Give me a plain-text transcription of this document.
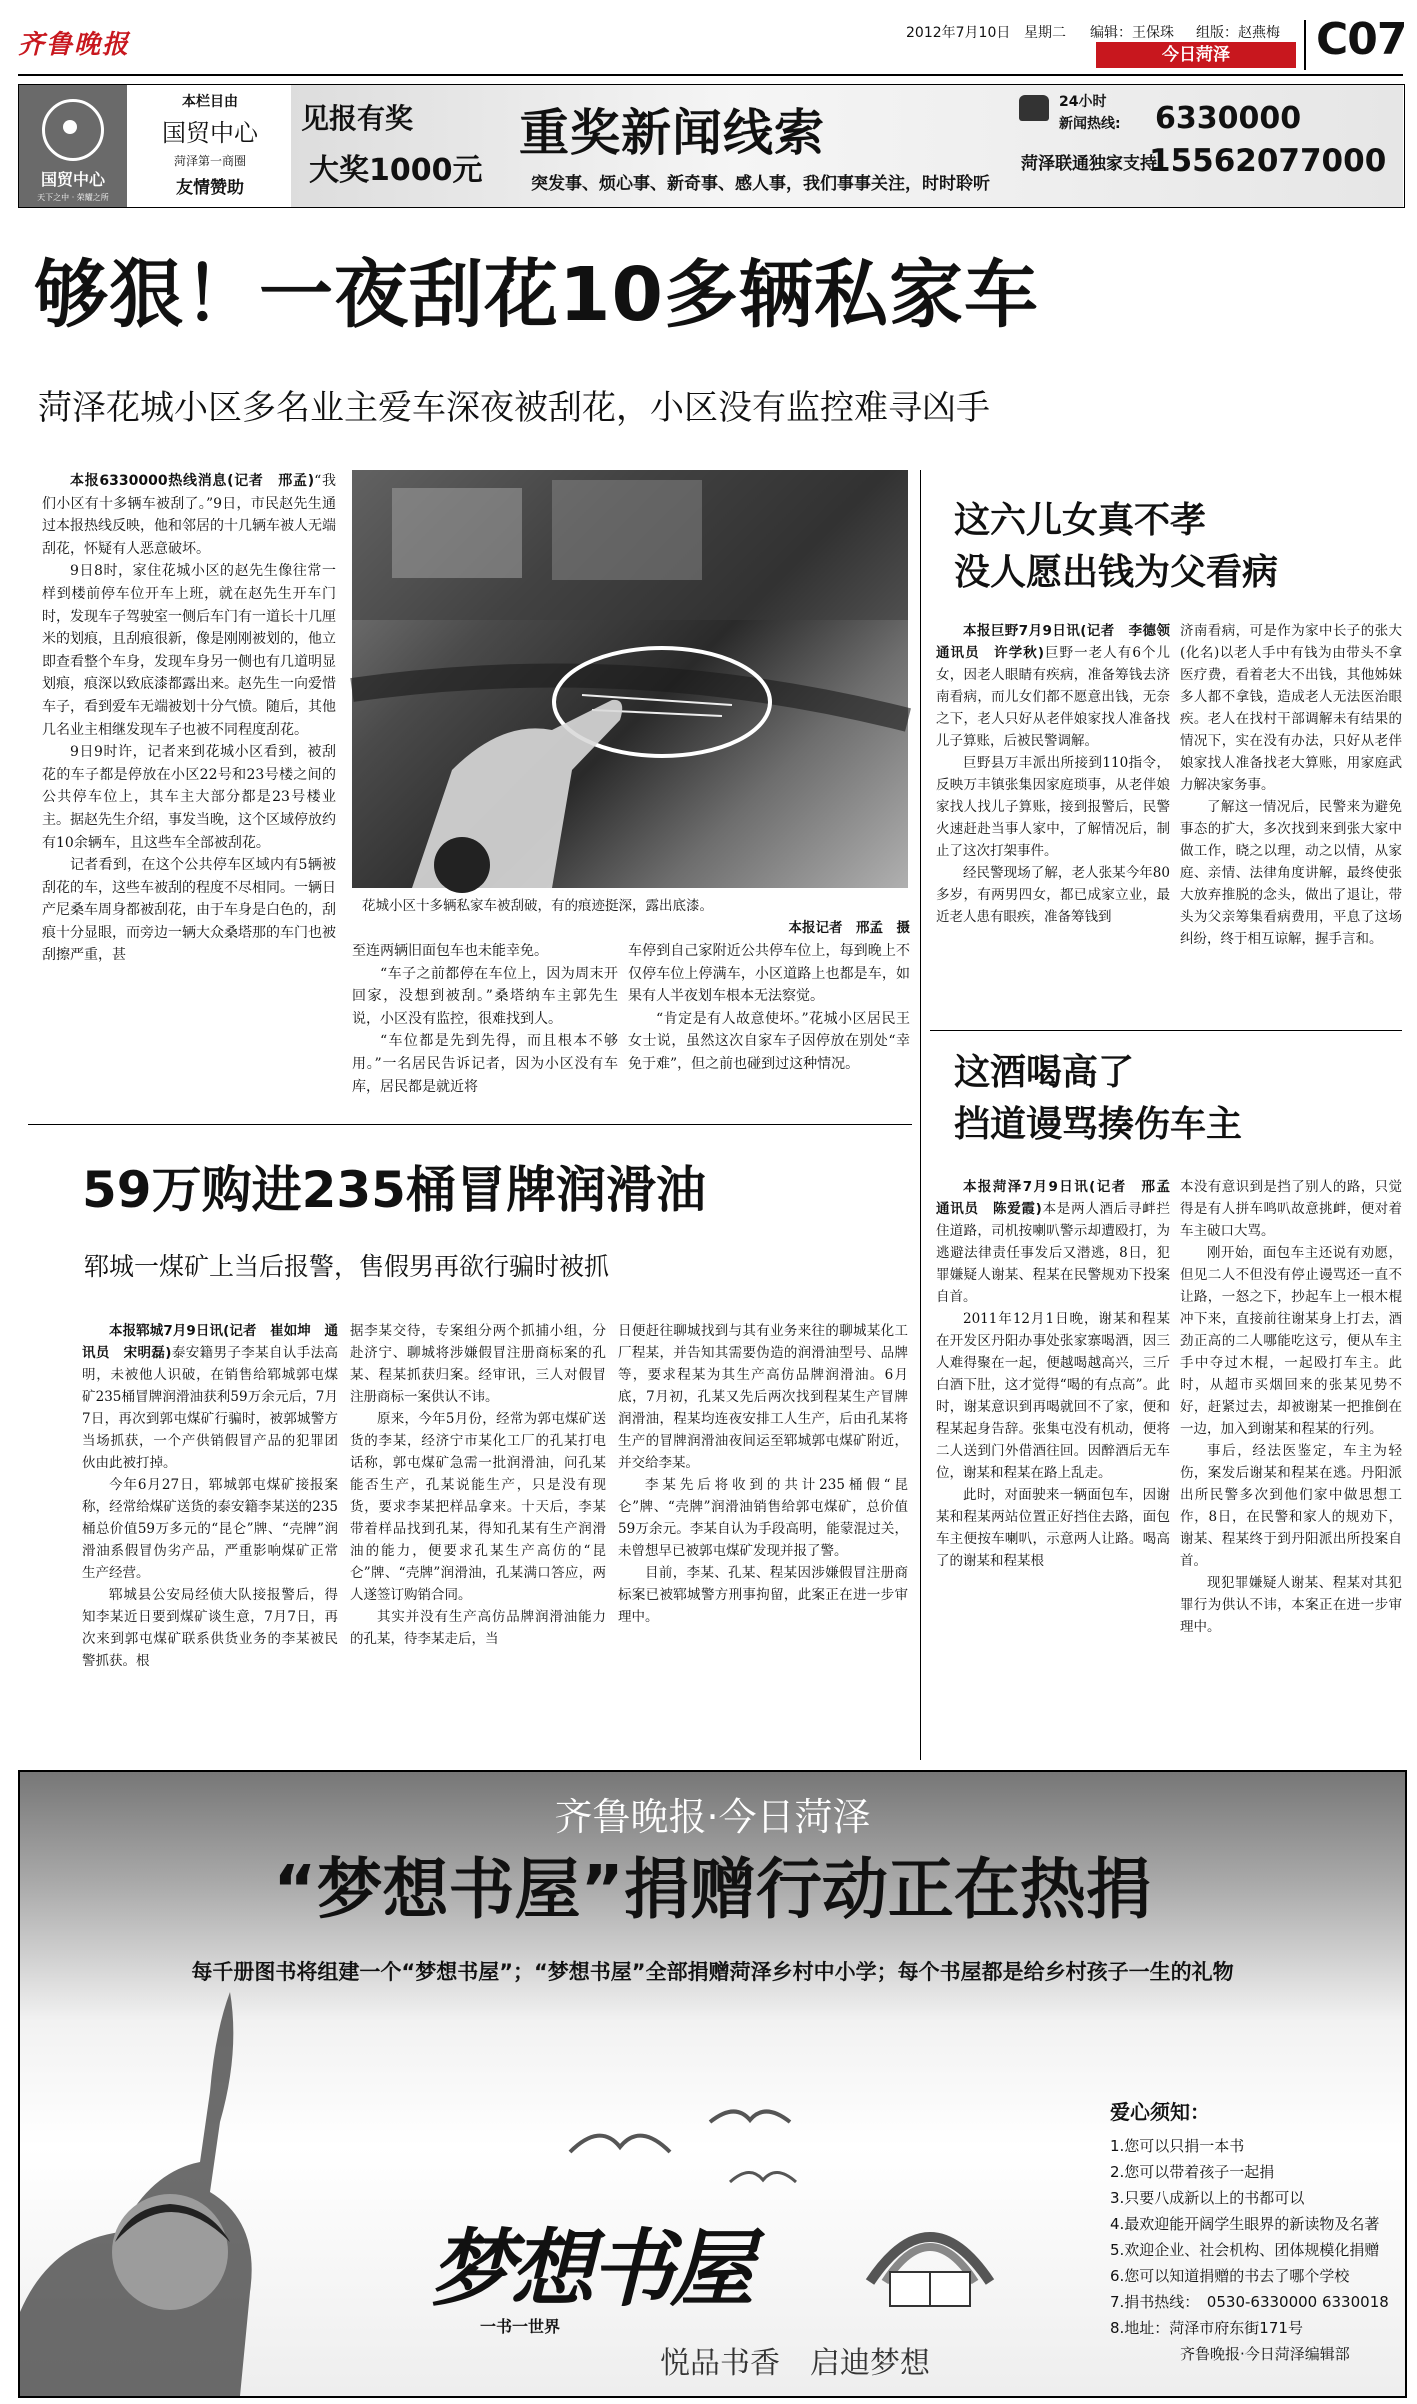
齐鲁晚报	2012年7月10日 星期二 编辑：王保珠 组版：赵燕梅
今日菏泽	C07
国贸中心
天下之中 · 荣耀之所
本栏目由
国贸中心
菏泽第一商圈
友情赞助
见报有奖
大奖1000元
重奖新闻线索
突发事、烦心事、新奇事、感人事，我们事事关注，时时聆听
24小时
新闻热线: 6330000
菏泽联通独家支持
15562077000
够狠！一夜刮花10多辆私家车
菏泽花城小区多名业主爱车深夜被刮花，小区没有监控难寻凶手

本报6330000热线消息(记者　邢孟)“我们小区有十多辆车被刮了。”9日，市民赵先生通过本报热线反映，他和邻居的十几辆车被人无端刮花，怀疑有人恶意破坏。

9日8时，家住花城小区的赵先生像往常一样到楼前停车位开车上班，就在赵先生开车门时，发现车子驾驶室一侧后车门有一道长十几厘米的划痕，且刮痕很新，像是刚刚被划的，他立即查看整个车身，发现车身另一侧也有几道明显划痕，痕深以致底漆都露出来。赵先生一向爱惜车子，看到爱车无端被划十分气愤。随后，其他几名业主相继发现车子也被不同程度刮花。

9日9时许，记者来到花城小区看到，被刮花的车子都是停放在小区22号和23号楼之间的公共停车位上，其车主大部分都是23号楼业主。据赵先生介绍，事发当晚，这个区域停放约有10余辆车，且这些车全部被刮花。

记者看到，在这个公共停车区域内有5辆被刮花的车，这些车被刮的程度不尽相同。一辆日产尼桑车周身都被刮花，由于车身是白色的，刮痕十分显眼，而旁边一辆大众桑塔那的车门也被刮擦严重，甚

花城小区十多辆私家车被刮破，有的痕迹挺深，露出底漆。
本报记者　邢孟　摄

至连两辆旧面包车也未能幸免。

“车子之前都停在车位上，因为周末开回家，没想到被刮。”桑塔纳车主郭先生说，小区没有监控，很难找到人。

“车位都是先到先得，而且根本不够用。”一名居民告诉记者，因为小区没有车库，居民都是就近将

车停到自己家附近公共停车位上，每到晚上不仅停车位上停满车，小区道路上也都是车，如果有人半夜划车根本无法察觉。

“肯定是有人故意使坏。”花城小区居民王女士说，虽然这次自家车子因停放在别处“幸免于难”，但之前也碰到过这种情况。

这六儿女真不孝
没人愿出钱为父看病

本报巨野7月9日讯(记者　李德领　通讯员　许学秋)巨野一老人有6个儿女，因老人眼睛有疾病，准备筹钱去济南看病，而儿女们都不愿意出钱，无奈之下，老人只好从老伴娘家找人准备找儿子算账，后被民警调解。

巨野县万丰派出所接到110指令，反映万丰镇张集因家庭琐事，从老伴娘家找人找儿子算账，接到报警后，民警火速赶赴当事人家中，了解情况后，制止了这次打架事件。

经民警现场了解，老人张某今年80多岁，有两男四女，都已成家立业，最近老人患有眼疾，准备筹钱到

济南看病，可是作为家中长子的张大(化名)以老人手中有钱为由带头不拿医疗费，看着老大不出钱，其他姊妹多人都不拿钱，造成老人无法医治眼疾。老人在找村干部调解未有结果的情况下，实在没有办法，只好从老伴娘家找人准备找老大算账，用家庭武力解决家务事。

了解这一情况后，民警来为避免事态的扩大，多次找到来到张大家中做工作，晓之以理，动之以情，从家庭、亲情、法律角度讲解，最终使张大放弃推脱的念头，做出了退让，带头为父亲筹集看病费用，平息了这场纠纷，终于相互谅解，握手言和。

这酒喝高了
挡道谩骂揍伤车主

本报菏泽7月9日讯(记者　邢孟　通讯员　陈爱霞)本是两人酒后寻衅拦住道路，司机按喇叭警示却遭殴打，为逃避法律责任事发后又潜逃，8日，犯罪嫌疑人谢某、程某在民警规劝下投案自首。

2011年12月1日晚，谢某和程某在开发区丹阳办事处张家寨喝酒，因三人难得聚在一起，便越喝越高兴，三斤白酒下肚，这才觉得“喝的有点高”。此时，谢某意识到再喝就回不了家，便和程某起身告辞。张集屯没有机动，便将二人送到门外借酒往回。因醉酒后无车位，谢某和程某在路上乱走。

此时，对面驶来一辆面包车，因谢某和程某两站位置正好挡住去路，面包车主便按车喇叭，示意两人让路。喝高了的谢某和程某根

本没有意识到是挡了别人的路，只觉得是有人拼车鸣叭故意挑衅，便对着车主破口大骂。

刚开始，面包车主还说有劝愿，但见二人不但没有停止谩骂还一直不让路，一怒之下，抄起车上一根木棍冲下来，直接前往谢某身上打去，酒劲正高的二人哪能吃这亏，便从车主手中夺过木棍，一起殴打车主。此时，从超市买烟回来的张某见势不好，赶紧过去，却被谢某一把推倒在一边，加入到谢某和程某的行列。

事后，经法医鉴定，车主为轻伤，案发后谢某和程某在逃。丹阳派出所民警多次到他们家中做思想工作，8日，在民警和家人的规劝下，谢某、程某终于到丹阳派出所投案自首。

现犯罪嫌疑人谢某、程某对其犯罪行为供认不讳，本案正在进一步审理中。

59万购进235桶冒牌润滑油
郓城一煤矿上当后报警，售假男再欲行骗时被抓

本报郓城7月9日讯(记者　崔如坤　通讯员　宋明磊)泰安籍男子李某自认手法高明，未被他人识破，在销售给郓城郭屯煤矿235桶冒牌润滑油获利59万余元后，7月7日，再次到郭屯煤矿行骗时，被郭城警方当场抓获，一个产供销假冒产品的犯罪团伙由此被打掉。

今年6月27日，郓城郭屯煤矿接报案称，经常给煤矿送货的泰安籍李某送的235桶总价值59万多元的“昆仑”牌、“壳牌”润滑油系假冒伪劣产品，严重影响煤矿正常生产经营。

郓城县公安局经侦大队接报警后，得知李某近日要到煤矿谈生意，7月7日，再次来到郭屯煤矿联系供货业务的李某被民警抓获。根

据李某交待，专案组分两个抓捕小组，分赴济宁、聊城将涉嫌假冒注册商标案的孔某、程某抓获归案。经审讯，三人对假冒注册商标一案供认不讳。

原来，今年5月份，经常为郭屯煤矿送货的李某，经济宁市某化工厂的孔某打电话称，郭屯煤矿急需一批润滑油，问孔某能否生产，孔某说能生产，只是没有现货，要求李某把样品拿来。十天后，李某带着样品找到孔某，得知孔某有生产润滑油的能力，便要求孔某生产高仿的“昆仑”牌、“壳牌”润滑油，孔某满口答应，两人遂签订购销合同。

其实并没有生产高仿品牌润滑油能力的孔某，待李某走后，当

日便赶往聊城找到与其有业务来往的聊城某化工厂程某，并告知其需要伪造的润滑油型号、品牌等，要求程某为其生产高仿品牌润滑油。6月底，7月初，孔某又先后两次找到程某生产冒牌润滑油，程某均连夜安排工人生产，后由孔某将生产的冒牌润滑油夜间运至郓城郭屯煤矿附近，并交给李某。

李某先后将收到的共计235桶假“昆仑”牌、“壳牌”润滑油销售给郭屯煤矿，总价值59万余元。李某自认为手段高明，能蒙混过关，未曾想早已被郭屯煤矿发现并报了警。

目前，李某、孔某、程某因涉嫌假冒注册商标案已被郓城警方刑事拘留，此案正在进一步审理中。

齐鲁晚报·今日菏泽
“梦想书屋”捐赠行动正在热捐
每千册图书将组建一个“梦想书屋”；“梦想书屋”全部捐赠菏泽乡村中小学；每个书屋都是给乡村孩子一生的礼物
梦想书屋
一书一世界
悦品书香　启迪梦想
爱心须知：
1.您可以只捐一本书
2.您可以带着孩子一起捐
3.只要八成新以上的书都可以
4.最欢迎能开阔学生眼界的新读物及名著
5.欢迎企业、社会机构、团体规模化捐赠
6.您可以知道捐赠的书去了哪个学校
7.捐书热线：　0530-6330000 6330018
8.地址：菏泽市府东街171号
齐鲁晚报·今日菏泽编辑部
